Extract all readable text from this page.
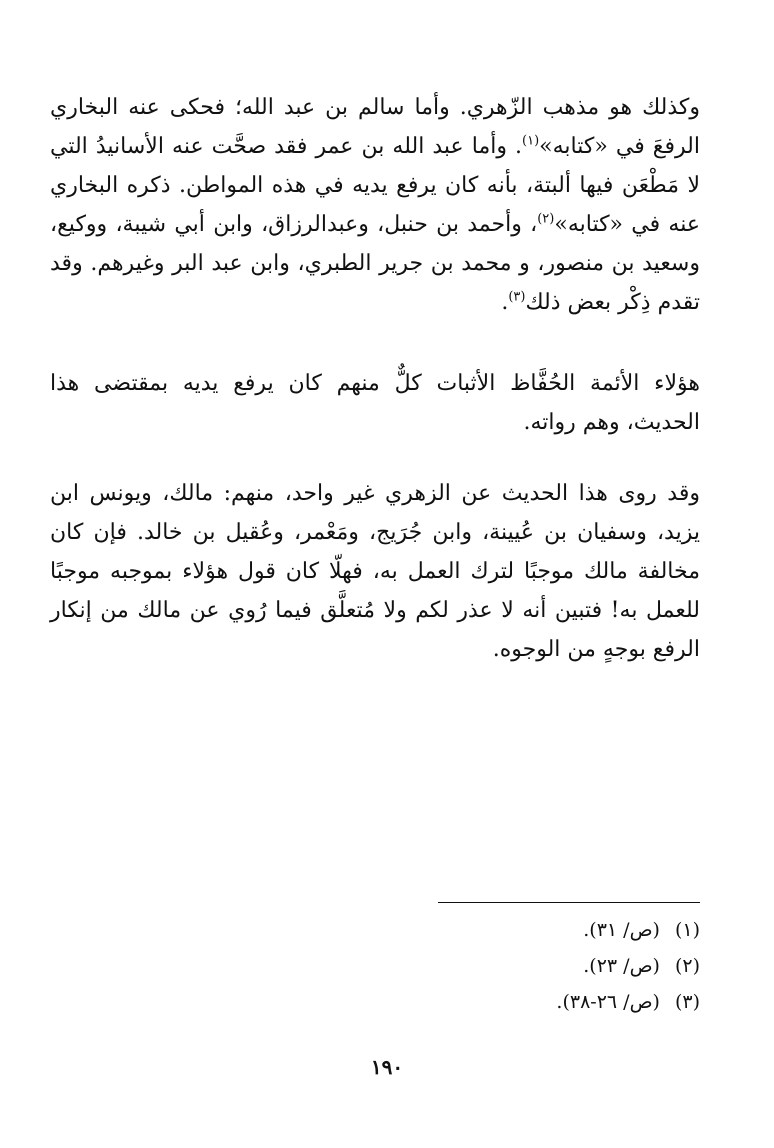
وكذلك هو مذهب الزّهري. وأما سالم بن عبد الله؛ فحكى عنه البخاري الرفعَ في «كتابه»$^{(١)}$. وأما عبد الله بن عمر فقد صحَّت عنه الأسانيدُ التي لا مَطْعَن فيها ألبتة، بأنه كان يرفع يديه في هذه المواطن. ذكره البخاري عنه في «كتابه»$^{(٢)}$، وأحمد بن حنبل، وعبدالرزاق، وابن أبي شيبة، ووكيع، وسعيد بن منصور، و محمد بن جرير الطبري، وابن عبد البر وغيرهم. وقد تقدم ذِكْر بعض ذلك$^{(٣)}$.

هؤلاء الأئمة الحُفَّاظ الأثبات كلٌّ منهم كان يرفع يديه بمقتضى هذا الحديث، وهم رواته.

وقد روى هذا الحديث عن الزهري غير واحد، منهم: مالك، ويونس ابن يزيد، وسفيان بن عُيينة، وابن جُرَيج، ومَعْمر، وعُقيل بن خالد. فإن كان مخالفة مالك موجبًا لترك العمل به، فهلّا كان قول هؤلاء بموجبه موجبًا للعمل به! فتبين أنه لا عذر لكم ولا مُتعلَّق فيما رُوي عن مالك من إنكار الرفع بوجهٍ من الوجوه.

(١) (ص/ ٣١).
(٢) (ص/ ٢٣).
(٣) (ص/ ٢٦-٣٨).
١٩٠
